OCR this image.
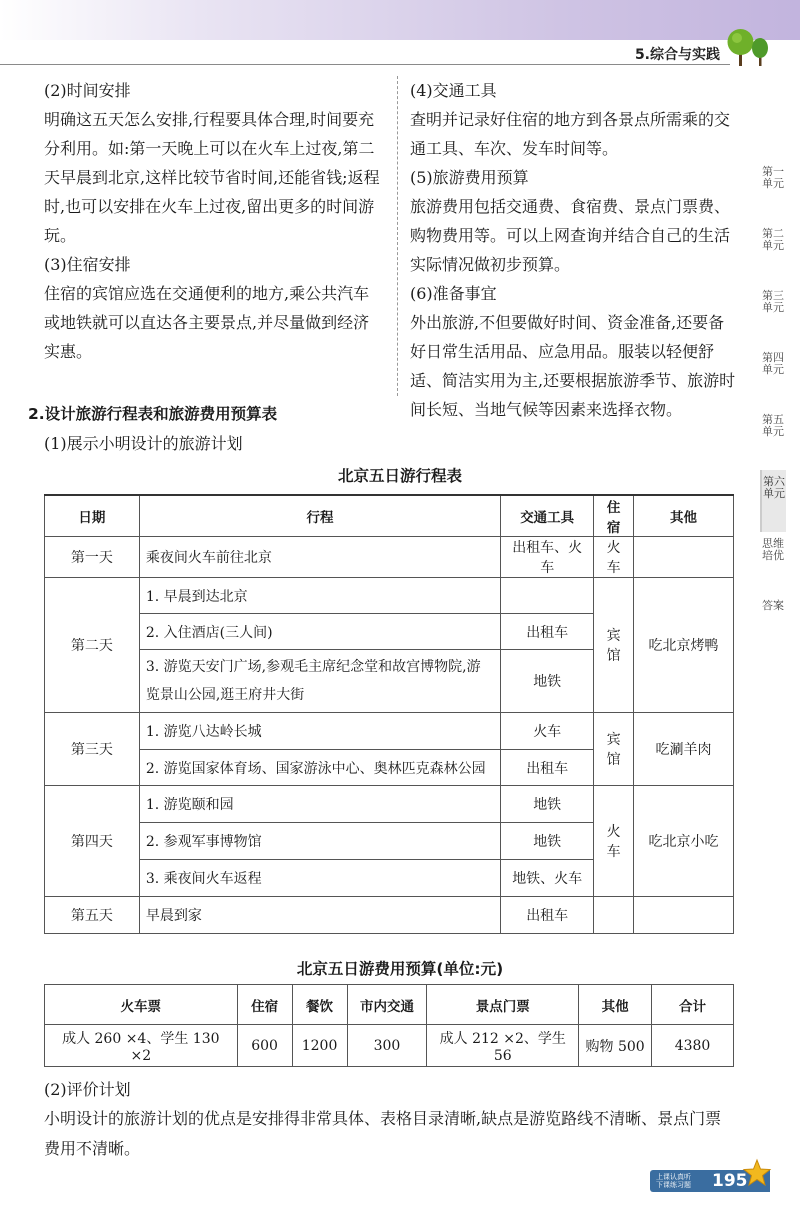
5.综合与实践

(2)时间安排

明确这五天怎么安排,行程要具体合理,时间要充分利用。如:第一天晚上可以在火车上过夜,第二天早晨到北京,这样比较节省时间,还能省钱;返程时,也可以安排在火车上过夜,留出更多的时间游玩。

(3)住宿安排

住宿的宾馆应选在交通便利的地方,乘公共汽车或地铁就可以直达各主要景点,并尽量做到经济实惠。

(4)交通工具

查明并记录好住宿的地方到各景点所需乘的交通工具、车次、发车时间等。

(5)旅游费用预算

旅游费用包括交通费、食宿费、景点门票费、购物费用等。可以上网查询并结合自己的生活实际情况做初步预算。

(6)准备事宜

外出旅游,不但要做好时间、资金准备,还要备好日常生活用品、应急用品。服装以轻便舒适、简洁实用为主,还要根据旅游季节、旅游时间长短、当地气候等因素来选择衣物。

2.设计旅游行程表和旅游费用预算表
(1)展示小明设计的旅游计划
北京五日游行程表
日期	行程	交通工具	住宿	其他
第一天	乘夜间火车前往北京	出租车、火车	火车	
第二天	1. 早晨到达北京		宾馆	吃北京烤鸭
	2. 入住酒店(三人间)	出租车		
	3. 游览天安门广场,参观毛主席纪念堂和故宫博物院,游览景山公园,逛王府井大街	地铁		
第三天	1. 游览八达岭长城	火车	宾馆	吃涮羊肉
	2. 游览国家体育场、国家游泳中心、奥林匹克森林公园	出租车		
第四天	1. 游览颐和园	地铁	火车	吃北京小吃
	2. 参观军事博物馆	地铁		
	3. 乘夜间火车返程	地铁、火车		
第五天	早晨到家	出租车		
北京五日游费用预算(单位:元)
火车票	住宿	餐饮	市内交通	景点门票	其他	合计
成人 260 ×4、学生 130 ×2	600	1200	300	成人 212 ×2、学生 56	购物 500	4380
(2)评价计划
小明设计的旅游计划的优点是安排得非常具体、表格目录清晰,缺点是游览路线不清晰、景点门票费用不清晰。
第一单元
第二单元
第三单元
第四单元
第五单元
第六单元
思维培优
答案
上课认真听
下课练习题	195
